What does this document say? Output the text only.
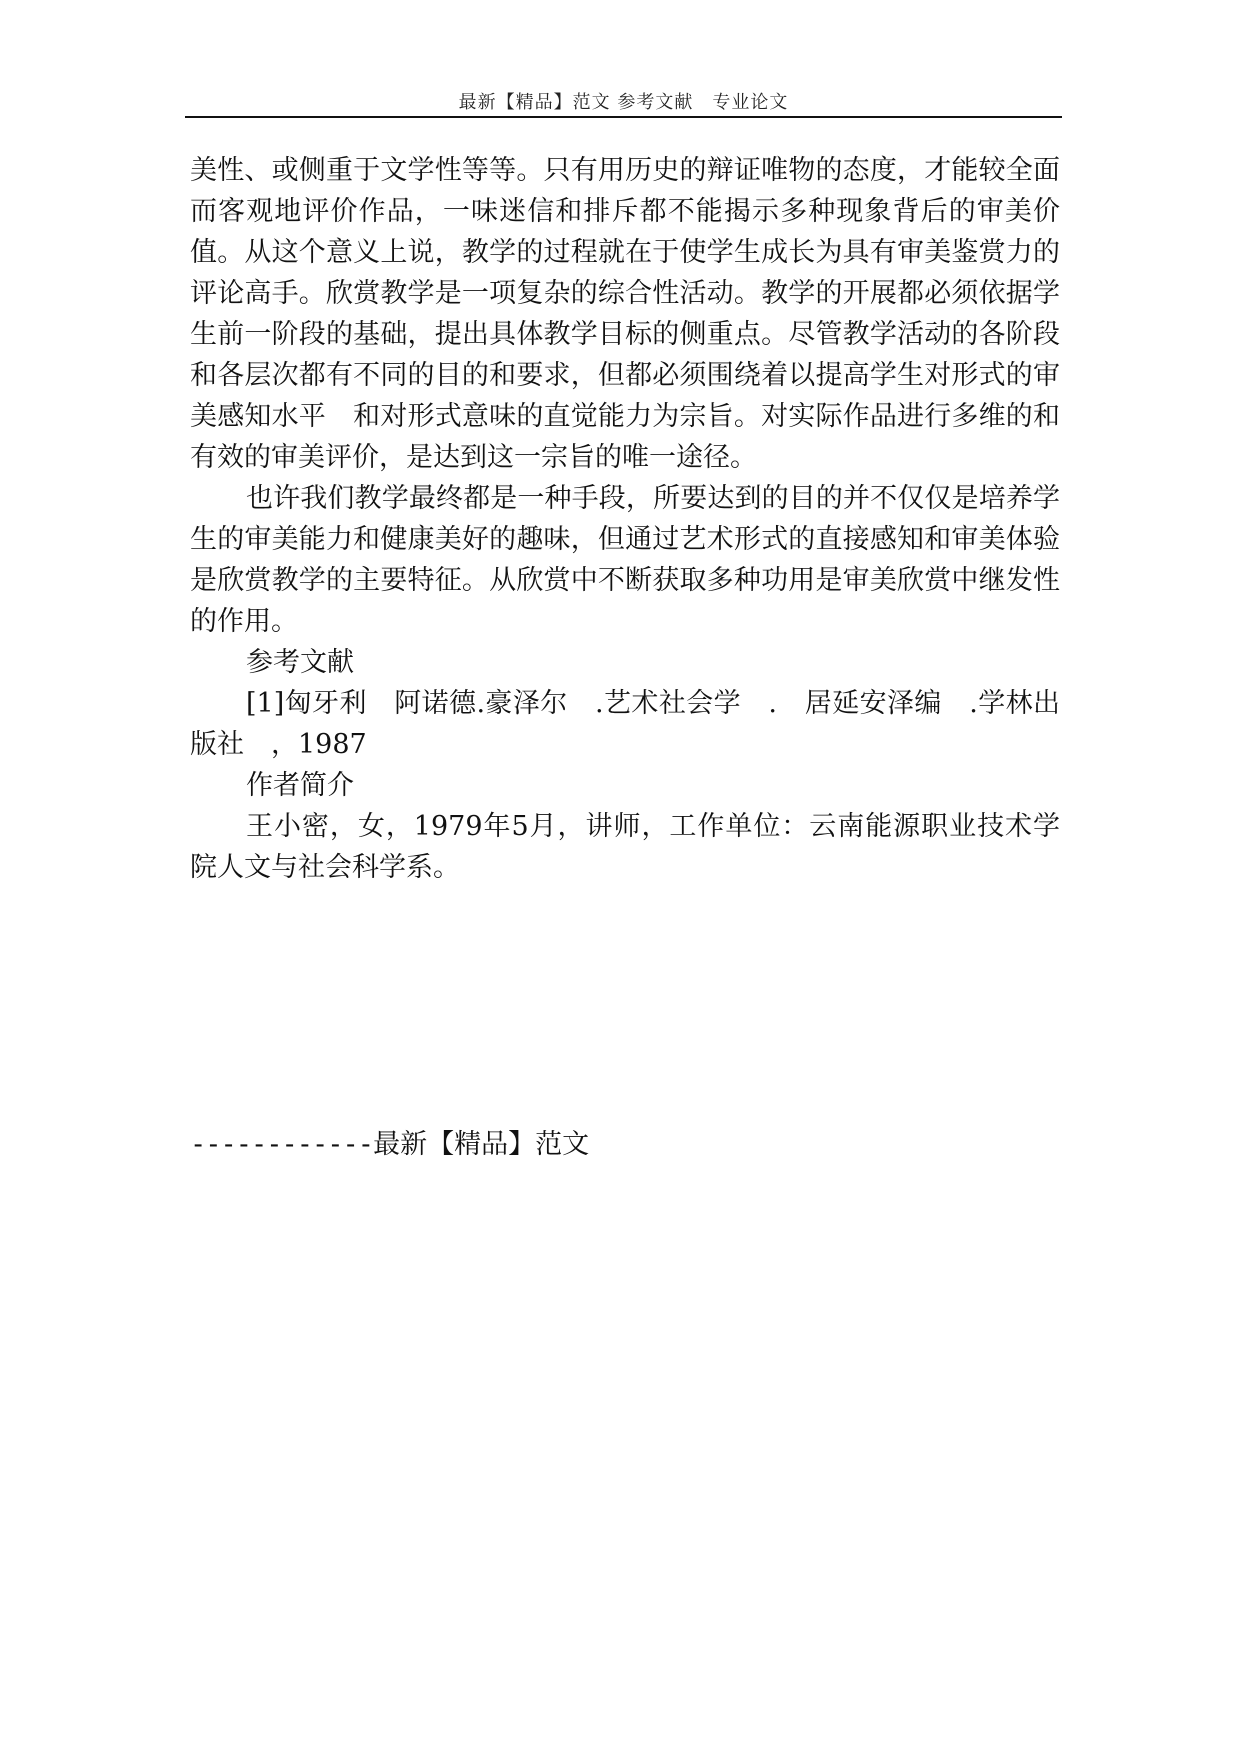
最新【精品】范文 参考文献　专业论文

美性、或侧重于文学性等等。只有用历史的辩证唯物的态度，才能较全面而客观地评价作品，一味迷信和排斥都不能揭示多种现象背后的审美价值。从这个意义上说，教学的过程就在于使学生成长为具有审美鉴赏力的评论高手。欣赏教学是一项复杂的综合性活动。教学的开展都必须依据学生前一阶段的基础，提出具体教学目标的侧重点。尽管教学活动的各阶段和各层次都有不同的目的和要求，但都必须围绕着以提高学生对形式的审美感知水平　和对形式意味的直觉能力为宗旨。对实际作品进行多维的和有效的审美评价，是达到这一宗旨的唯一途径。

也许我们教学最终都是一种手段，所要达到的目的并不仅仅是培养学生的审美能力和健康美好的趣味，但通过艺术形式的直接感知和审美体验是欣赏教学的主要特征。从欣赏中不断获取多种功用是审美欣赏中继发性的作用。

参考文献

[1]匈牙利　阿诺德.豪泽尔　.艺术社会学　.　居延安泽编　.学林出版社　，1987

作者简介

王小密，女，1979年5月，讲师，工作单位：云南能源职业技术学院人文与社会科学系。

------------最新【精品】范文
